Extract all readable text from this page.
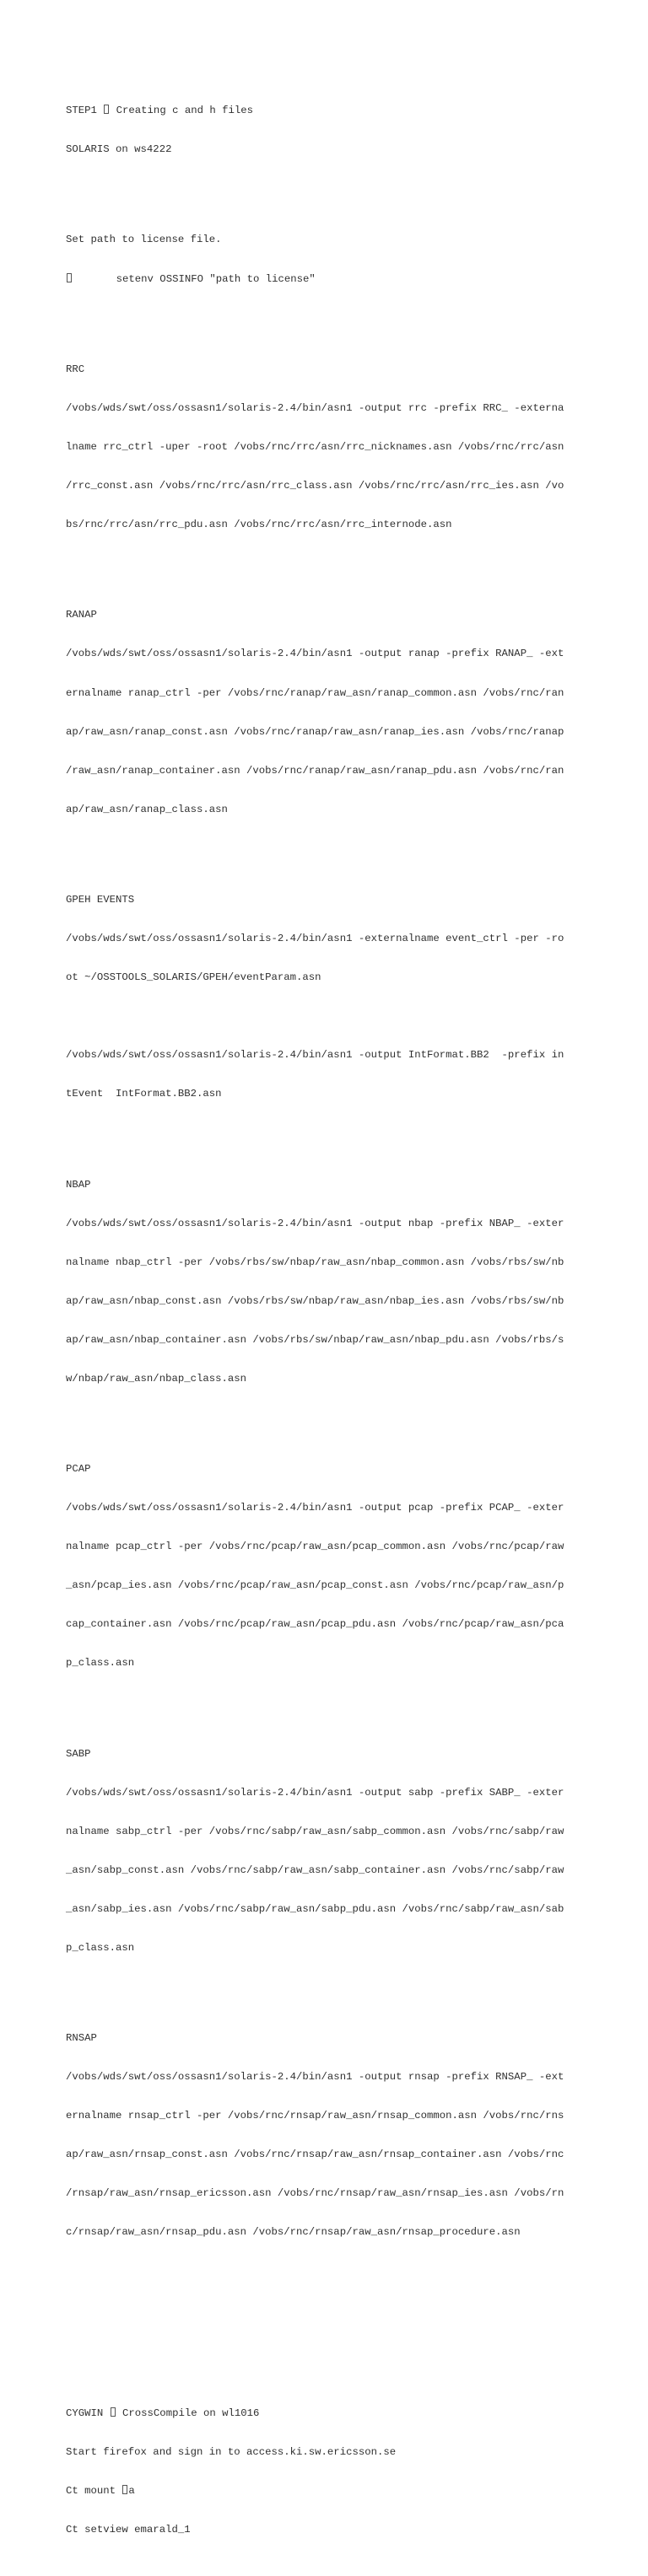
STEP1  Creating c and h files

SOLARIS on ws4222

Set path to license file.

setenv OSSINFO "path to license"

RRC

/vobs/wds/swt/oss/ossasn1/solaris-2.4/bin/asn1 -output rrc -prefix RRC_ -externa

lname rrc_ctrl -uper -root /vobs/rnc/rrc/asn/rrc_nicknames.asn /vobs/rnc/rrc/asn

/rrc_const.asn /vobs/rnc/rrc/asn/rrc_class.asn /vobs/rnc/rrc/asn/rrc_ies.asn /vo

bs/rnc/rrc/asn/rrc_pdu.asn /vobs/rnc/rrc/asn/rrc_internode.asn

RANAP

/vobs/wds/swt/oss/ossasn1/solaris-2.4/bin/asn1 -output ranap -prefix RANAP_ -ext

ernalname ranap_ctrl -per /vobs/rnc/ranap/raw_asn/ranap_common.asn /vobs/rnc/ran

ap/raw_asn/ranap_const.asn /vobs/rnc/ranap/raw_asn/ranap_ies.asn /vobs/rnc/ranap

/raw_asn/ranap_container.asn /vobs/rnc/ranap/raw_asn/ranap_pdu.asn /vobs/rnc/ran

ap/raw_asn/ranap_class.asn

GPEH EVENTS

/vobs/wds/swt/oss/ossasn1/solaris-2.4/bin/asn1 -externalname event_ctrl -per -ro

ot ~/OSSTOOLS_SOLARIS/GPEH/eventParam.asn

/vobs/wds/swt/oss/ossasn1/solaris-2.4/bin/asn1 -output IntFormat.BB2  -prefix in

tEvent  IntFormat.BB2.asn

NBAP

/vobs/wds/swt/oss/ossasn1/solaris-2.4/bin/asn1 -output nbap -prefix NBAP_ -exter

nalname nbap_ctrl -per /vobs/rbs/sw/nbap/raw_asn/nbap_common.asn /vobs/rbs/sw/nb

ap/raw_asn/nbap_const.asn /vobs/rbs/sw/nbap/raw_asn/nbap_ies.asn /vobs/rbs/sw/nb

ap/raw_asn/nbap_container.asn /vobs/rbs/sw/nbap/raw_asn/nbap_pdu.asn /vobs/rbs/s

w/nbap/raw_asn/nbap_class.asn

PCAP

/vobs/wds/swt/oss/ossasn1/solaris-2.4/bin/asn1 -output pcap -prefix PCAP_ -exter

nalname pcap_ctrl -per /vobs/rnc/pcap/raw_asn/pcap_common.asn /vobs/rnc/pcap/raw

_asn/pcap_ies.asn /vobs/rnc/pcap/raw_asn/pcap_const.asn /vobs/rnc/pcap/raw_asn/p

cap_container.asn /vobs/rnc/pcap/raw_asn/pcap_pdu.asn /vobs/rnc/pcap/raw_asn/pca

p_class.asn

SABP

/vobs/wds/swt/oss/ossasn1/solaris-2.4/bin/asn1 -output sabp -prefix SABP_ -exter

nalname sabp_ctrl -per /vobs/rnc/sabp/raw_asn/sabp_common.asn /vobs/rnc/sabp/raw

_asn/sabp_const.asn /vobs/rnc/sabp/raw_asn/sabp_container.asn /vobs/rnc/sabp/raw

_asn/sabp_ies.asn /vobs/rnc/sabp/raw_asn/sabp_pdu.asn /vobs/rnc/sabp/raw_asn/sab

p_class.asn

RNSAP

/vobs/wds/swt/oss/ossasn1/solaris-2.4/bin/asn1 -output rnsap -prefix RNSAP_ -ext

ernalname rnsap_ctrl -per /vobs/rnc/rnsap/raw_asn/rnsap_common.asn /vobs/rnc/rns

ap/raw_asn/rnsap_const.asn /vobs/rnc/rnsap/raw_asn/rnsap_container.asn /vobs/rnc

/rnsap/raw_asn/rnsap_ericsson.asn /vobs/rnc/rnsap/raw_asn/rnsap_ies.asn /vobs/rn

c/rnsap/raw_asn/rnsap_pdu.asn /vobs/rnc/rnsap/raw_asn/rnsap_procedure.asn

CYGWIN  CrossCompile on wl1016

Start firefox and sign in to access.ki.sw.ericsson.se

Ct mount a

Ct setview emarald_1
